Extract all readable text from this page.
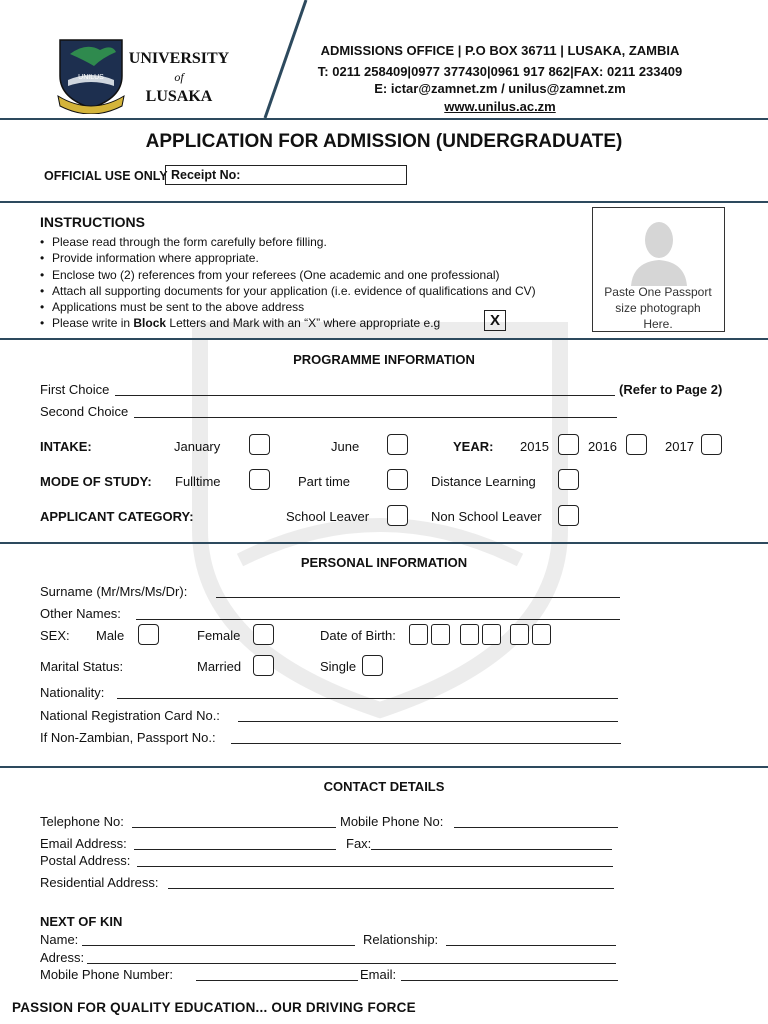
UNILUS
UNIVERSITY
of
LUSAKA
ADMISSIONS OFFICE | P.O BOX 36711 | LUSAKA, ZAMBIA
T: 0211 258409|0977 377430|0961 917 862|FAX: 0211 233409
E: ictar@zamnet.zm / unilus@zamnet.zm
www.unilus.ac.zm
APPLICATION FOR ADMISSION (UNDERGRADUATE)
OFFICIAL USE ONLY Receipt No:
INSTRUCTIONS
• Please read through the form carefully before filling.
• Provide information where appropriate.
• Enclose two (2) references from your referees (One academic and one professional)
• Attach all supporting documents for your application (i.e. evidence of qualifications and CV)
• Applications must be sent to the above address
• Please write in Block Letters and Mark with an “X” where appropriate e.g	X
Paste One Passport
size photograph
Here.
PROGRAMME INFORMATION
First Choice	(Refer to Page 2)
Second Choice
INTAKE:	January	June	YEAR: 2015	2016	2017
MODE OF STUDY: Fulltime	Part time	Distance Learning
APPLICANT CATEGORY:	School Leaver	Non School Leaver
PERSONAL INFORMATION
Surname (Mr/Mrs/Ms/Dr):
Other Names:
SEX: Male	Female	Date of Birth:
Marital Status:	Married	Single
Nationality:
National Registration Card No.:
If Non-Zambian, Passport No.:
CONTACT DETAILS
Telephone No:	Mobile Phone No:
Email Address:	Fax:
Postal Address:
Residential Address:
NEXT OF KIN
Name:	Relationship:
Adress:
Mobile Phone Number:	Email:
PASSION FOR QUALITY EDUCATION... OUR DRIVING FORCE
